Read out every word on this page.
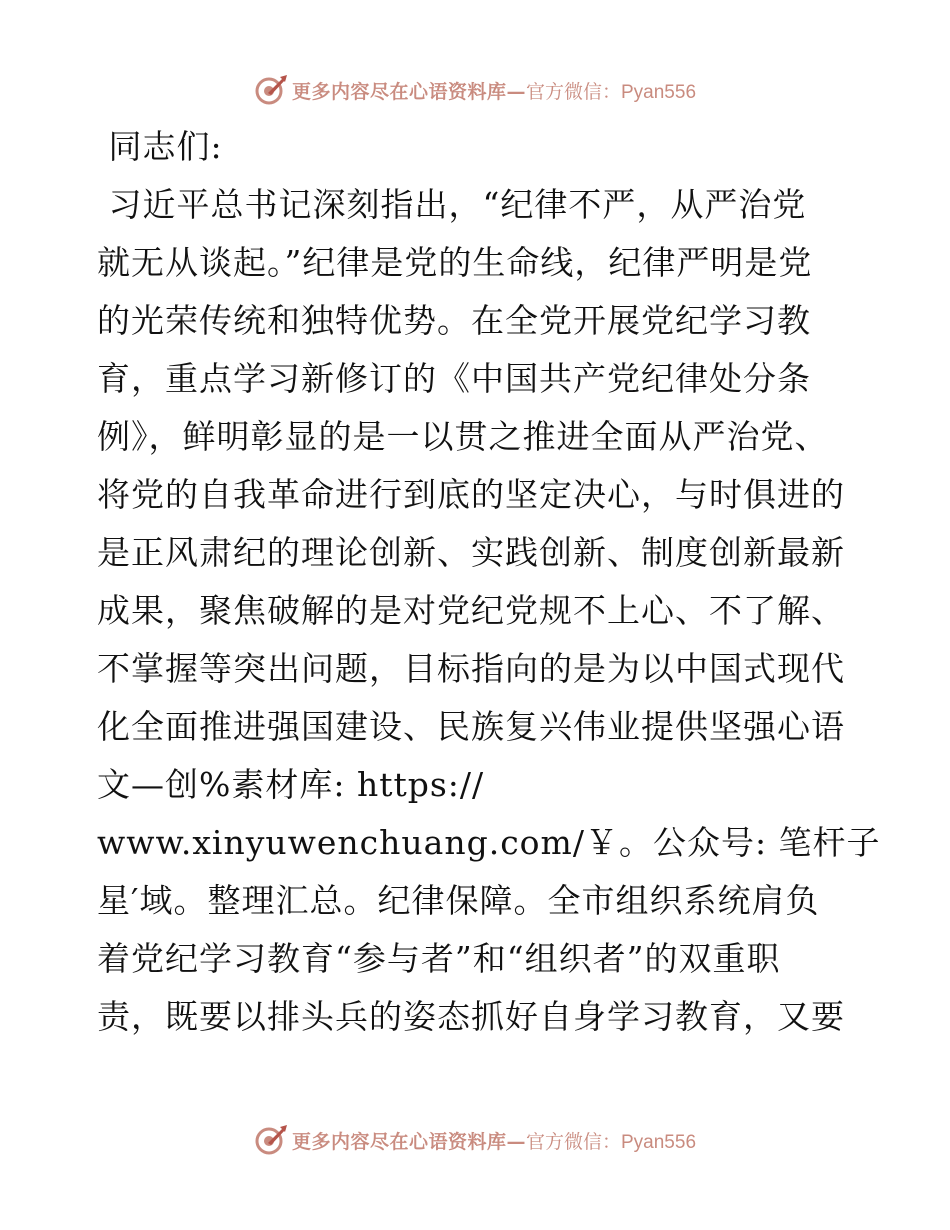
更多内容尽在心语资料库— 官方微信：Pyan556
同志们:
习近平总书记深刻指出，“纪律不严，从严治党
就无从谈起。”纪律是党的生命线，纪律严明是党
的光荣传统和独特优势。在全党开展党纪学习教
育，重点学习新修订的《中国共产党纪律处分条
例》，鲜明彰显的是一以贯之推进全面从严治党、
将党的自我革命进行到底的坚定决心，与时俱进的
是正风肃纪的理论创新、实践创新、制度创新最新
成果，聚焦破解的是对党纪党规不上心、不了解、
不掌握等突出问题，目标指向的是为以中国式现代
化全面推进强国建设、民族复兴伟业提供坚强心语
文—创%素材库: https://
www.xinyuwenchuang.com/￥。公众号: 笔杆子
星′域。整理汇总。纪律保障。全市组织系统肩负
着党纪学习教育“参与者”和“组织者”的双重职
责，既要以排头兵的姿态抓好自身学习教育，又要
更多内容尽在心语资料库— 官方微信：Pyan556
